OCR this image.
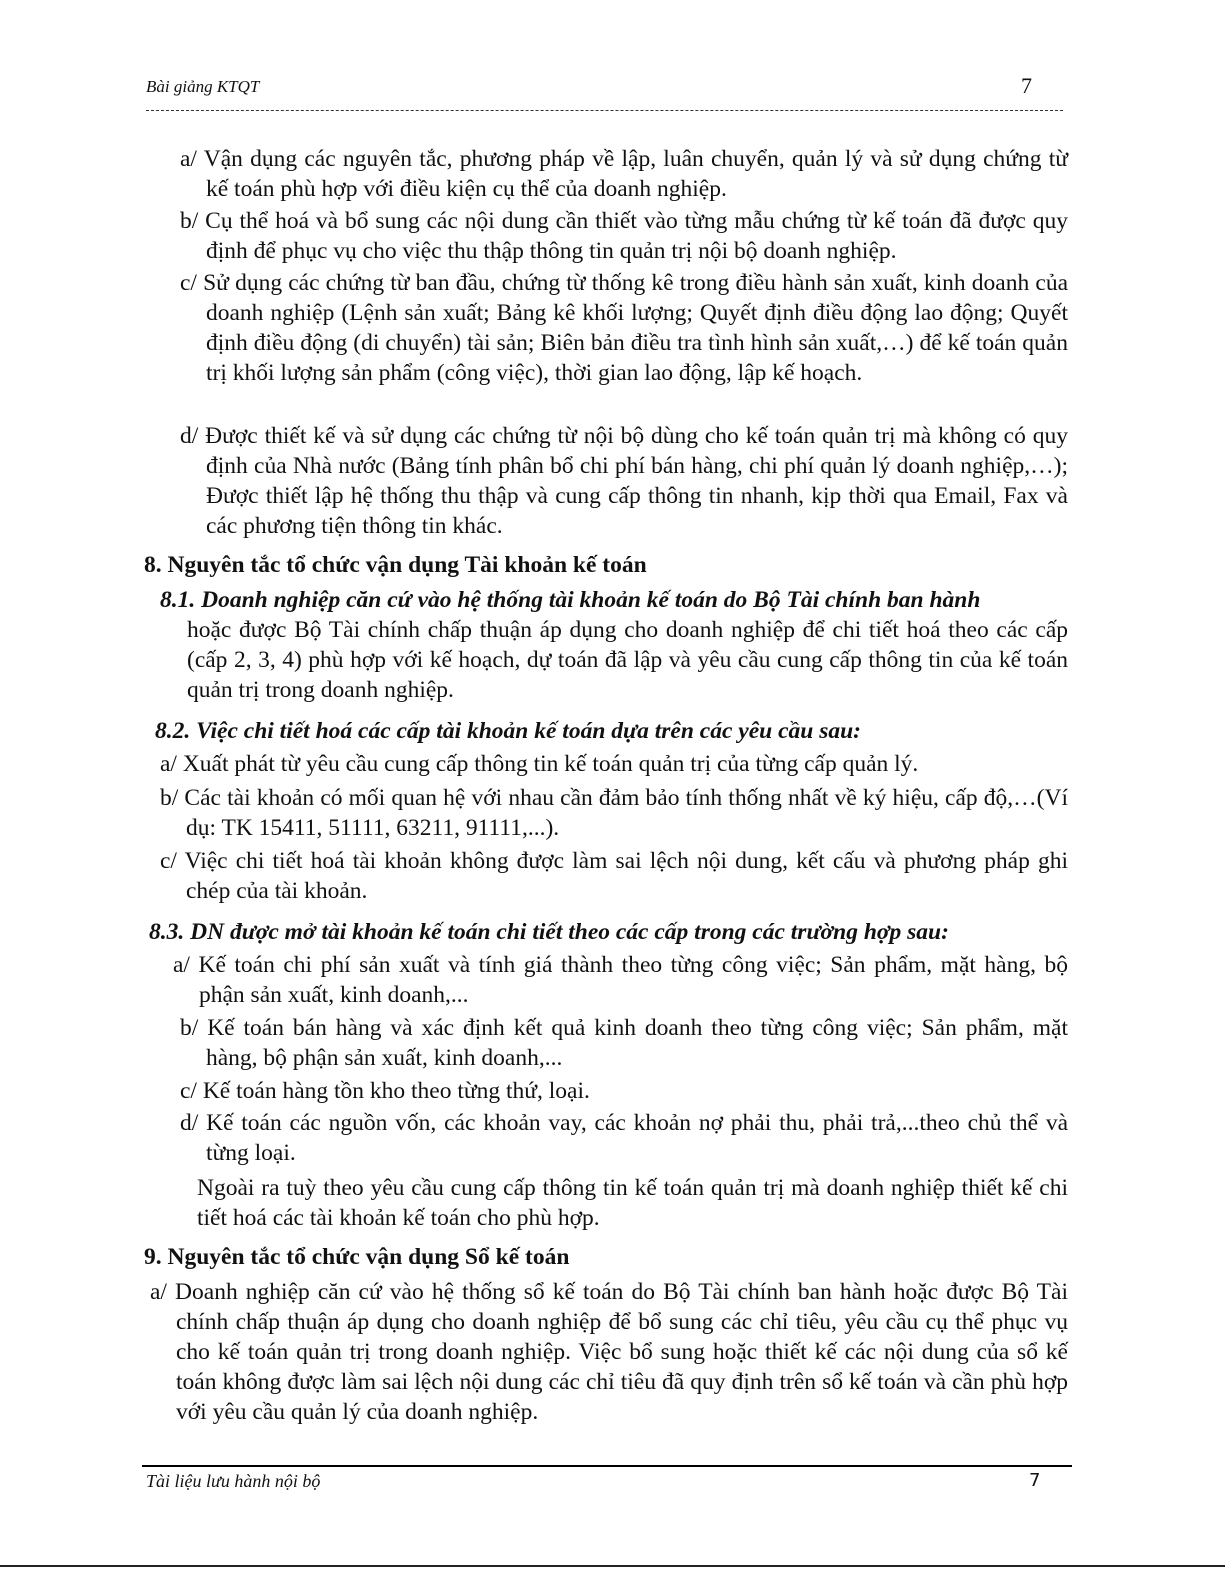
Bài giảng KTQT	7
a/ Vận dụng các nguyên tắc, phương pháp về lập, luân chuyển, quản lý và sử dụng chứng từ kế toán phù hợp với điều kiện cụ thể của doanh nghiệp.
b/ Cụ thể hoá và bổ sung các nội dung cần thiết vào từng mẫu chứng từ kế toán đã được quy định để phục vụ cho việc thu thập thông tin quản trị nội bộ doanh nghiệp.
c/ Sử dụng các chứng từ ban đầu, chứng từ thống kê trong điều hành sản xuất, kinh doanh của doanh nghiệp (Lệnh sản xuất; Bảng kê khối lượng; Quyết định điều động lao động; Quyết định điều động (di chuyển) tài sản; Biên bản điều tra tình hình sản xuất,…) để kế toán quản trị khối lượng sản phẩm (công việc), thời gian lao động, lập kế hoạch.
d/ Được thiết kế và sử dụng các chứng từ nội bộ dùng cho kế toán quản trị mà không có quy định của Nhà nước (Bảng tính phân bổ chi phí bán hàng, chi phí quản lý doanh nghiệp,…); Được thiết lập hệ thống thu thập và cung cấp thông tin nhanh, kịp thời qua Email, Fax và các phương tiện thông tin khác.
8. Nguyên tắc tổ chức vận dụng Tài khoản kế toán
8.1. Doanh nghiệp căn cứ vào hệ thống tài khoản kế toán do Bộ Tài chính ban hành
hoặc được Bộ Tài chính chấp thuận áp dụng cho doanh nghiệp để chi tiết hoá theo các cấp (cấp 2, 3, 4) phù hợp với kế hoạch, dự toán đã lập và yêu cầu cung cấp thông tin của kế toán quản trị trong doanh nghiệp.
8.2. Việc chi tiết hoá các cấp tài khoản kế toán dựa trên các yêu cầu sau:
a/ Xuất phát từ yêu cầu cung cấp thông tin kế toán quản trị của từng cấp quản lý.
b/ Các tài khoản có mối quan hệ với nhau cần đảm bảo tính thống nhất về ký hiệu, cấp độ,…(Ví dụ: TK 15411, 51111, 63211, 91111,...).
c/ Việc chi tiết hoá tài khoản không được làm sai lệch nội dung, kết cấu và phương pháp ghi chép của tài khoản.
8.3. DN được mở tài khoản kế toán chi tiết theo các cấp trong các trường hợp sau:
a/ Kế toán chi phí sản xuất và tính giá thành theo từng công việc; Sản phẩm, mặt hàng, bộ phận sản xuất, kinh doanh,...
b/ Kế toán bán hàng và xác định kết quả kinh doanh theo từng công việc; Sản phẩm, mặt hàng, bộ phận sản xuất, kinh doanh,...
c/ Kế toán hàng tồn kho theo từng thứ, loại.
d/ Kế toán các nguồn vốn, các khoản vay, các khoản nợ phải thu, phải trả,...theo chủ thể và từng loại.
Ngoài ra tuỳ theo yêu cầu cung cấp thông tin kế toán quản trị mà doanh nghiệp thiết kế chi tiết hoá các tài khoản kế toán cho phù hợp.
9. Nguyên tắc tổ chức vận dụng Sổ kế toán
a/ Doanh nghiệp căn cứ vào hệ thống sổ kế toán do Bộ Tài chính ban hành hoặc được Bộ Tài chính chấp thuận áp dụng cho doanh nghiệp để bổ sung các chỉ tiêu, yêu cầu cụ thể phục vụ cho kế toán quản trị trong doanh nghiệp. Việc bổ sung hoặc thiết kế các nội dung của sổ kế toán không được làm sai lệch nội dung các chỉ tiêu đã quy định trên sổ kế toán và cần phù hợp với yêu cầu quản lý của doanh nghiệp.
Tài liệu lưu hành nội bộ	7
